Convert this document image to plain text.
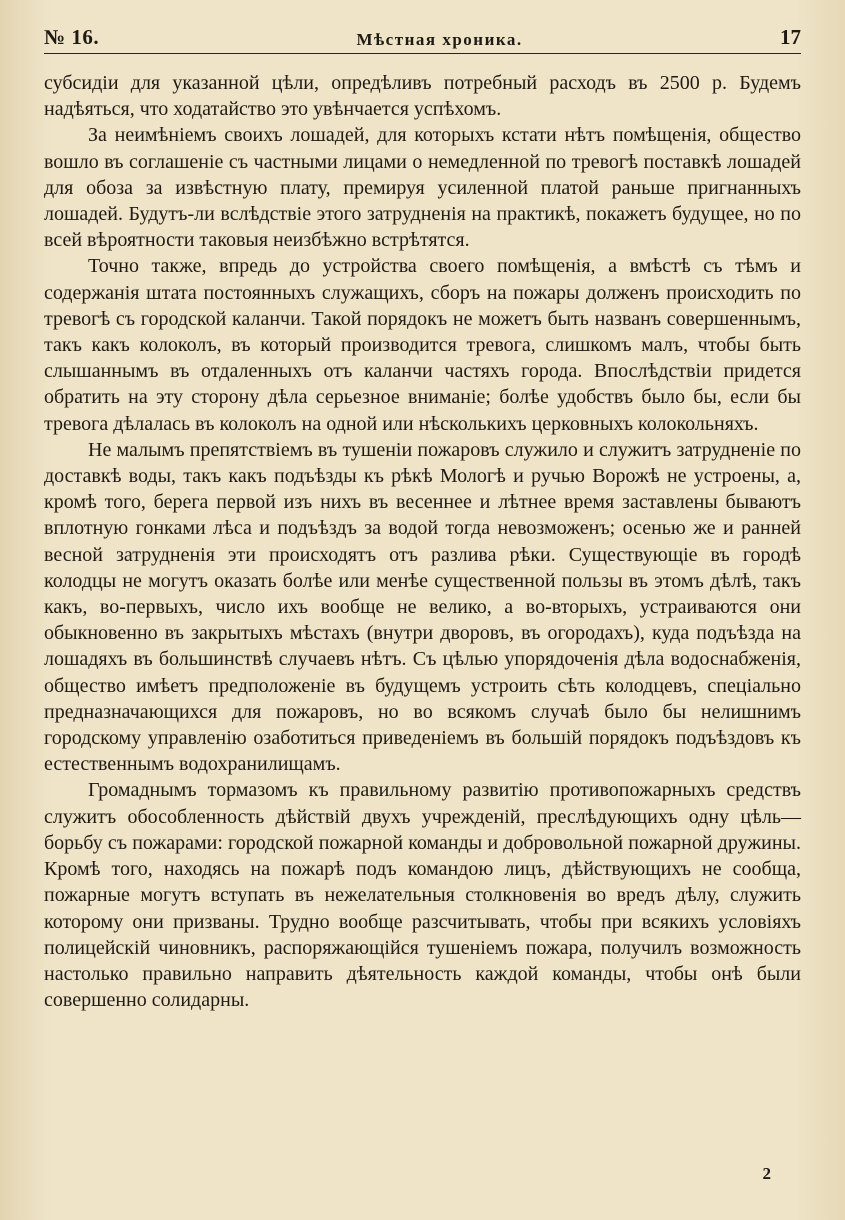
№ 16.	Мѣстная хроника.	17

субсидіи для указанной цѣли, опредѣливъ потребный расходъ въ 2500 р. Будемъ надѣяться, что ходатайство это увѣнчается успѣхомъ.

За неимѣніемъ своихъ лошадей, для которыхъ кстати нѣтъ помѣщенія, общество вошло въ соглашеніе съ частными лицами о немедленной по тревогѣ поставкѣ лошадей для обоза за извѣстную плату, премируя усиленной платой раньше пригнанныхъ лошадей. Будутъ-ли вслѣдствіе этого затрудненія на практикѣ, покажетъ будущее, но по всей вѣроятности таковыя неизбѣжно встрѣтятся.

Точно также, впредь до устройства своего помѣщенія, а вмѣстѣ съ тѣмъ и содержанія штата постоянныхъ служащихъ, сборъ на пожары долженъ происходить по тревогѣ съ городской каланчи. Такой порядокъ не можетъ быть названъ совершеннымъ, такъ какъ колоколъ, въ который производится тревога, слишкомъ малъ, чтобы быть слышаннымъ въ отдаленныхъ отъ каланчи частяхъ города. Впослѣдствіи придется обратить на эту сторону дѣла серьезное вниманіе; болѣе удобствъ было бы, если бы тревога дѣлалась въ колоколъ на одной или нѣсколькихъ церковныхъ колокольняхъ.

Не малымъ препятствіемъ въ тушеніи пожаровъ служило и служитъ затрудненіе по доставкѣ воды, такъ какъ подъѣзды къ рѣкѣ Мологѣ и ручью Ворожѣ не устроены, а, кромѣ того, берега первой изъ нихъ въ весеннее и лѣтнее время заставлены бываютъ вплотную гонками лѣса и подъѣздъ за водой тогда невозможенъ; осенью же и ранней весной затрудненія эти происходятъ отъ разлива рѣки. Существующіе въ городѣ колодцы не могутъ оказать болѣе или менѣе существенной пользы въ этомъ дѣлѣ, такъ какъ, во-первыхъ, число ихъ вообще не велико, а во-вторыхъ, устраиваются они обыкновенно въ закрытыхъ мѣстахъ (внутри дворовъ, въ огородахъ), куда подъѣзда на лошадяхъ въ большинствѣ случаевъ нѣтъ. Съ цѣлью упорядоченія дѣла водоснабженія, общество имѣетъ предположеніе въ будущемъ устроить сѣть колодцевъ, спеціально предназначающихся для пожаровъ, но во всякомъ случаѣ было бы нелишнимъ городскому управленію озаботиться приведеніемъ въ большій порядокъ подъѣздовъ къ естественнымъ водохранилищамъ.

Громаднымъ тормазомъ къ правильному развитію противопожарныхъ средствъ служитъ обособленность дѣйствій двухъ учрежденій, преслѣдующихъ одну цѣль—борьбу съ пожарами: городской пожарной команды и добровольной пожарной дружины. Кромѣ того, находясь на пожарѣ подъ командою лицъ, дѣйствующихъ не сообща, пожарные могутъ вступать въ нежелательныя столкновенія во вредъ дѣлу, служить которому они призваны. Трудно вообще разсчитывать, чтобы при всякихъ условіяхъ полицейскій чиновникъ, распоряжающійся тушеніемъ пожара, получилъ возможность настолько правильно направить дѣятельность каждой команды, чтобы онѣ были совершенно солидарны.

2
